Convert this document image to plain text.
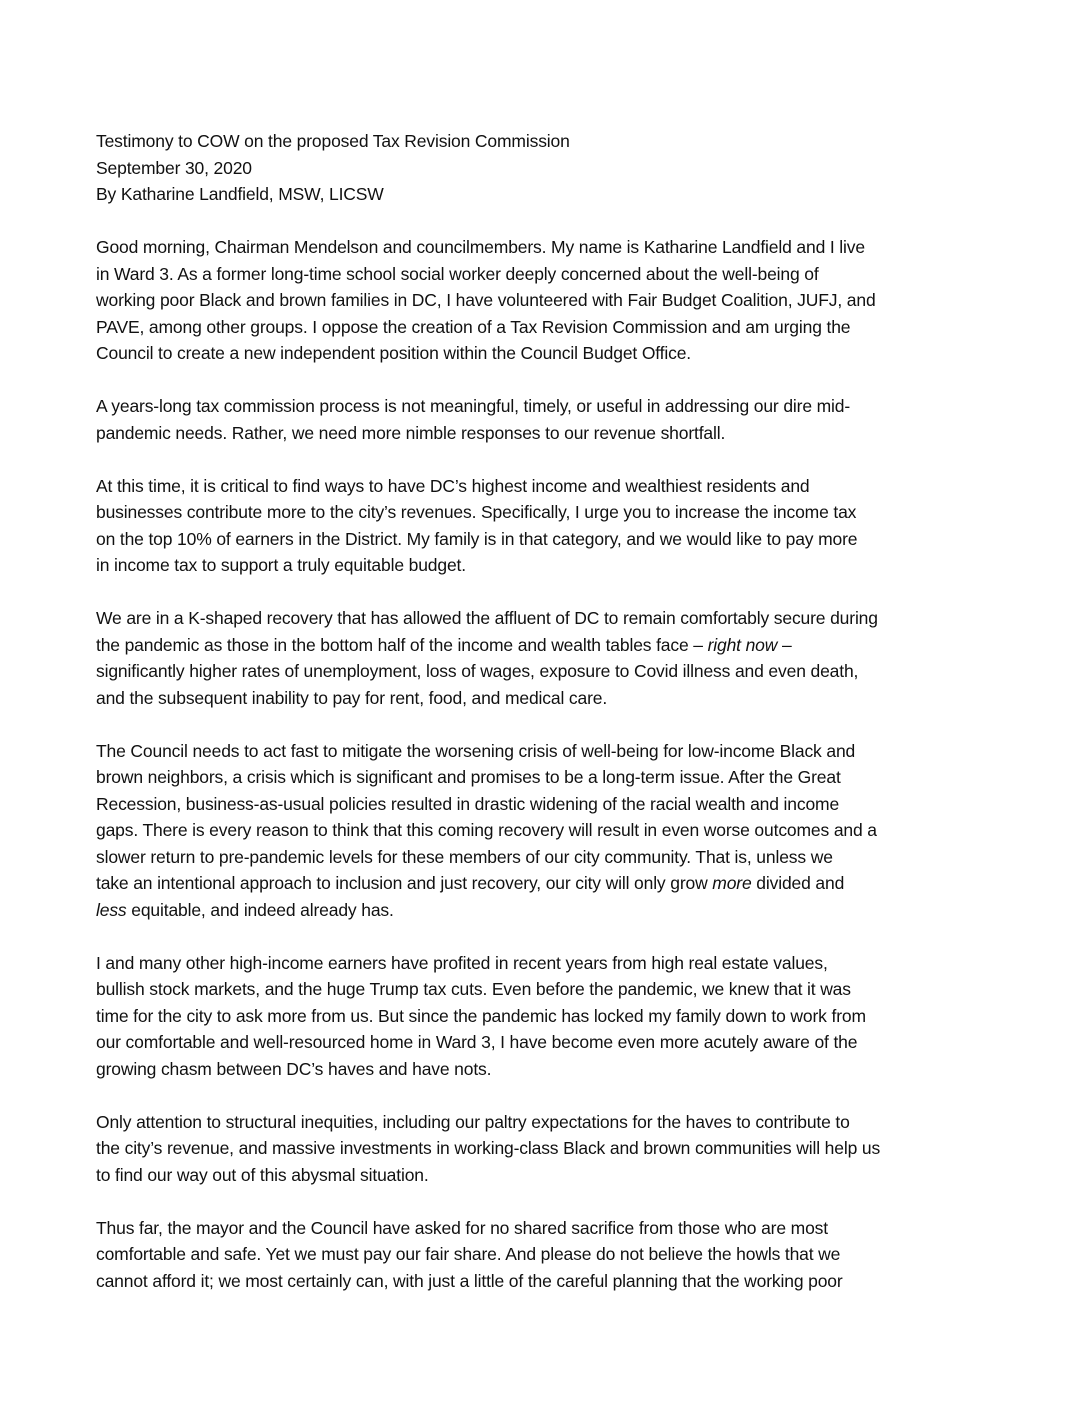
Testimony to COW on the proposed Tax Revision Commission
September 30, 2020
By Katharine Landfield, MSW, LICSW

Good morning, Chairman Mendelson and councilmembers. My name is Katharine Landfield and I live
in Ward 3. As a former long-time school social worker deeply concerned about the well-being of
working poor Black and brown families in DC, I have volunteered with Fair Budget Coalition, JUFJ, and
PAVE, among other groups. I oppose the creation of a Tax Revision Commission and am urging the
Council to create a new independent position within the Council Budget Office.

A years-long tax commission process is not meaningful, timely, or useful in addressing our dire mid-
pandemic needs. Rather, we need more nimble responses to our revenue shortfall.

At this time, it is critical to find ways to have DC’s highest income and wealthiest residents and
businesses contribute more to the city’s revenues. Specifically, I urge you to increase the income tax
on the top 10% of earners in the District. My family is in that category, and we would like to pay more
in income tax to support a truly equitable budget.

We are in a K-shaped recovery that has allowed the affluent of DC to remain comfortably secure during
the pandemic as those in the bottom half of the income and wealth tables face – right now –
significantly higher rates of unemployment, loss of wages, exposure to Covid illness and even death,
and the subsequent inability to pay for rent, food, and medical care.

The Council needs to act fast to mitigate the worsening crisis of well-being for low-income Black and
brown neighbors, a crisis which is significant and promises to be a long-term issue. After the Great
Recession, business-as-usual policies resulted in drastic widening of the racial wealth and income
gaps. There is every reason to think that this coming recovery will result in even worse outcomes and a
slower return to pre-pandemic levels for these members of our city community. That is, unless we
take an intentional approach to inclusion and just recovery, our city will only grow more divided and
less equitable, and indeed already has.

I and many other high-income earners have profited in recent years from high real estate values,
bullish stock markets, and the huge Trump tax cuts. Even before the pandemic, we knew that it was
time for the city to ask more from us. But since the pandemic has locked my family down to work from
our comfortable and well-resourced home in Ward 3, I have become even more acutely aware of the
growing chasm between DC’s haves and have nots.

Only attention to structural inequities, including our paltry expectations for the haves to contribute to
the city’s revenue, and massive investments in working-class Black and brown communities will help us
to find our way out of this abysmal situation.

Thus far, the mayor and the Council have asked for no shared sacrifice from those who are most
comfortable and safe. Yet we must pay our fair share. And please do not believe the howls that we
cannot afford it; we most certainly can, with just a little of the careful planning that the working poor
